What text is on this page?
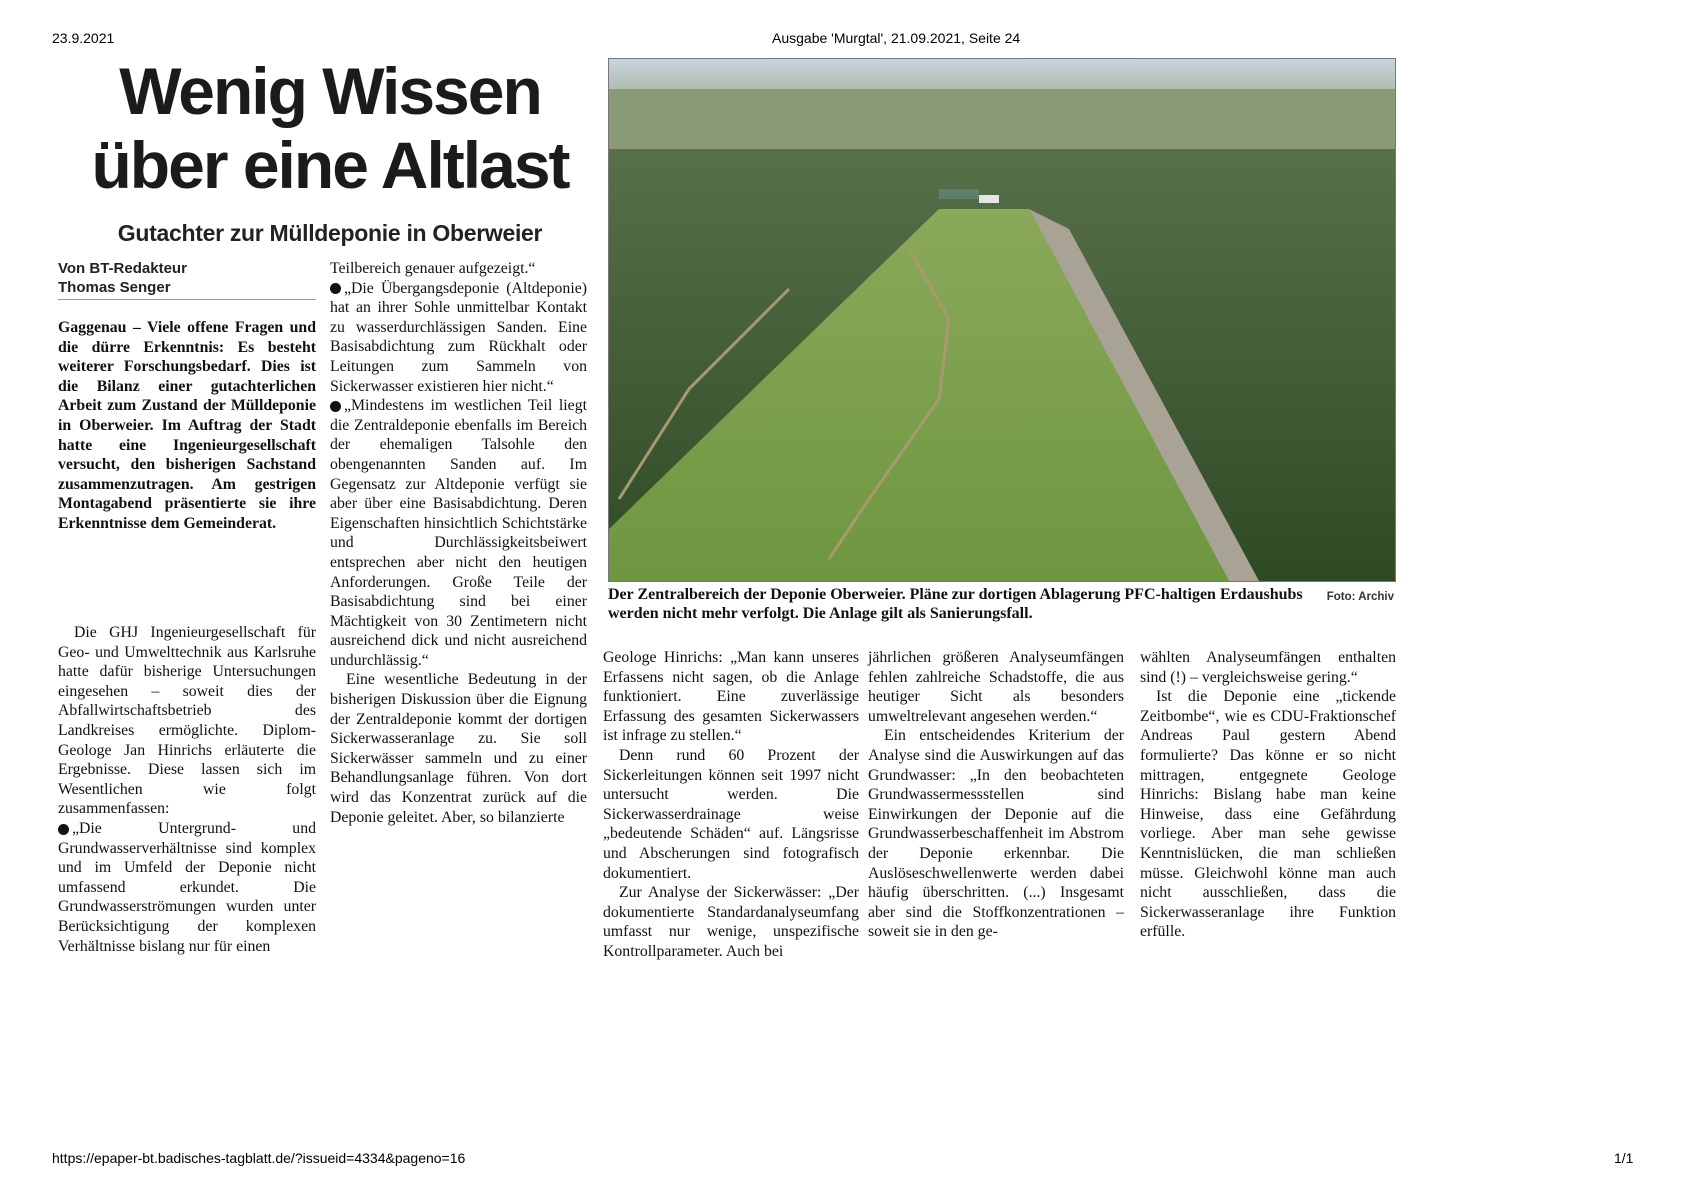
23.9.2021	Ausgabe 'Murgtal', 21.09.2021, Seite 24
Wenig Wissen
über eine Altlast
Gutachter zur Mülldeponie in Oberweier
Von BT-Redakteur
Thomas Senger

Gaggenau – Viele offene Fragen und die dürre Erkenntnis: Es besteht weiterer Forschungsbedarf. Dies ist die Bilanz einer gutachterlichen Arbeit zum Zustand der Mülldeponie in Oberweier. Im Auftrag der Stadt hatte eine Ingenieurgesellschaft versucht, den bisherigen Sachstand zusammenzutragen. Am gestrigen Montagabend präsentierte sie ihre Erkenntnisse dem Gemeinderat.

Die GHJ Ingenieurgesellschaft für Geo- und Umwelttechnik aus Karlsruhe hatte dafür bisherige Untersuchungen eingesehen – soweit dies der Abfallwirtschaftsbetrieb des Landkreises ermöglichte. Diplom-Geologe Jan Hinrichs erläuterte die Ergebnisse. Diese lassen sich im Wesentlichen wie folgt zusammenfassen:

„Die Untergrund- und Grundwasserverhältnisse sind komplex und im Umfeld der Deponie nicht umfassend erkundet. Die Grundwasserströmungen wurden unter Berücksichtigung der komplexen Verhältnisse bislang nur für einen

Teilbereich genauer aufgezeigt.“

„Die Übergangsdeponie (Altdeponie) hat an ihrer Sohle unmittelbar Kontakt zu wasserdurchlässigen Sanden. Eine Basisabdichtung zum Rückhalt oder Leitungen zum Sammeln von Sickerwasser existieren hier nicht.“

„Mindestens im westlichen Teil liegt die Zentraldeponie ebenfalls im Bereich der ehemaligen Talsohle den obengenannten Sanden auf. Im Gegensatz zur Altdeponie verfügt sie aber über eine Basisabdichtung. Deren Eigenschaften hinsichtlich Schichtstärke und Durchlässigkeitsbeiwert entsprechen aber nicht den heutigen Anforderungen. Große Teile der Basisabdichtung sind bei einer Mächtigkeit von 30 Zentimetern nicht ausreichend dick und nicht ausreichend undurchlässig.“

Eine wesentliche Bedeutung in der bisherigen Diskussion über die Eignung der Zentraldeponie kommt der dortigen Sickerwasseranlage zu. Sie soll Sickerwässer sammeln und zu einer Behandlungsanlage führen. Von dort wird das Konzentrat zurück auf die Deponie geleitet. Aber, so bilanzierte

Foto: Archiv
Der Zentralbereich der Deponie Oberweier. Pläne zur dortigen Ablagerung PFC-haltigen Erdaushubs werden nicht mehr verfolgt. Die Anlage gilt als Sanierungsfall.

Geologe Hinrichs: „Man kann unseres Erfassens nicht sagen, ob die Anlage funktioniert. Eine zuverlässige Erfassung des gesamten Sickerwassers ist infrage zu stellen.“

Denn rund 60 Prozent der Sickerleitungen können seit 1997 nicht untersucht werden. Die Sickerwasserdrainage weise „bedeutende Schäden“ auf. Längsrisse und Abscherungen sind fotografisch dokumentiert.

Zur Analyse der Sickerwässer: „Der dokumentierte Standardanalyseumfang umfasst nur wenige, unspezifische Kontrollparameter. Auch bei

jährlichen größeren Analyseumfängen fehlen zahlreiche Schadstoffe, die aus heutiger Sicht als besonders umweltrelevant angesehen werden.“

Ein entscheidendes Kriterium der Analyse sind die Auswirkungen auf das Grundwasser: „In den beobachteten Grundwassermessstellen sind Einwirkungen der Deponie auf die Grundwasserbeschaffenheit im Abstrom der Deponie erkennbar. Die Auslöseschwellenwerte werden dabei häufig überschritten. (...) Insgesamt aber sind die Stoffkonzentrationen – soweit sie in den ge-

wählten Analyseumfängen enthalten sind (!) – vergleichsweise gering.“

Ist die Deponie eine „tickende Zeitbombe“, wie es CDU-Fraktionschef Andreas Paul gestern Abend formulierte? Das könne er so nicht mittragen, entgegnete Geologe Hinrichs: Bislang habe man keine Hinweise, dass eine Gefährdung vorliege. Aber man sehe gewisse Kenntnislücken, die man schließen müsse. Gleichwohl könne man auch nicht ausschließen, dass die Sickerwasseranlage ihre Funktion erfülle.

https://epaper-bt.badisches-tagblatt.de/?issueid=4334&pageno=16	1/1
